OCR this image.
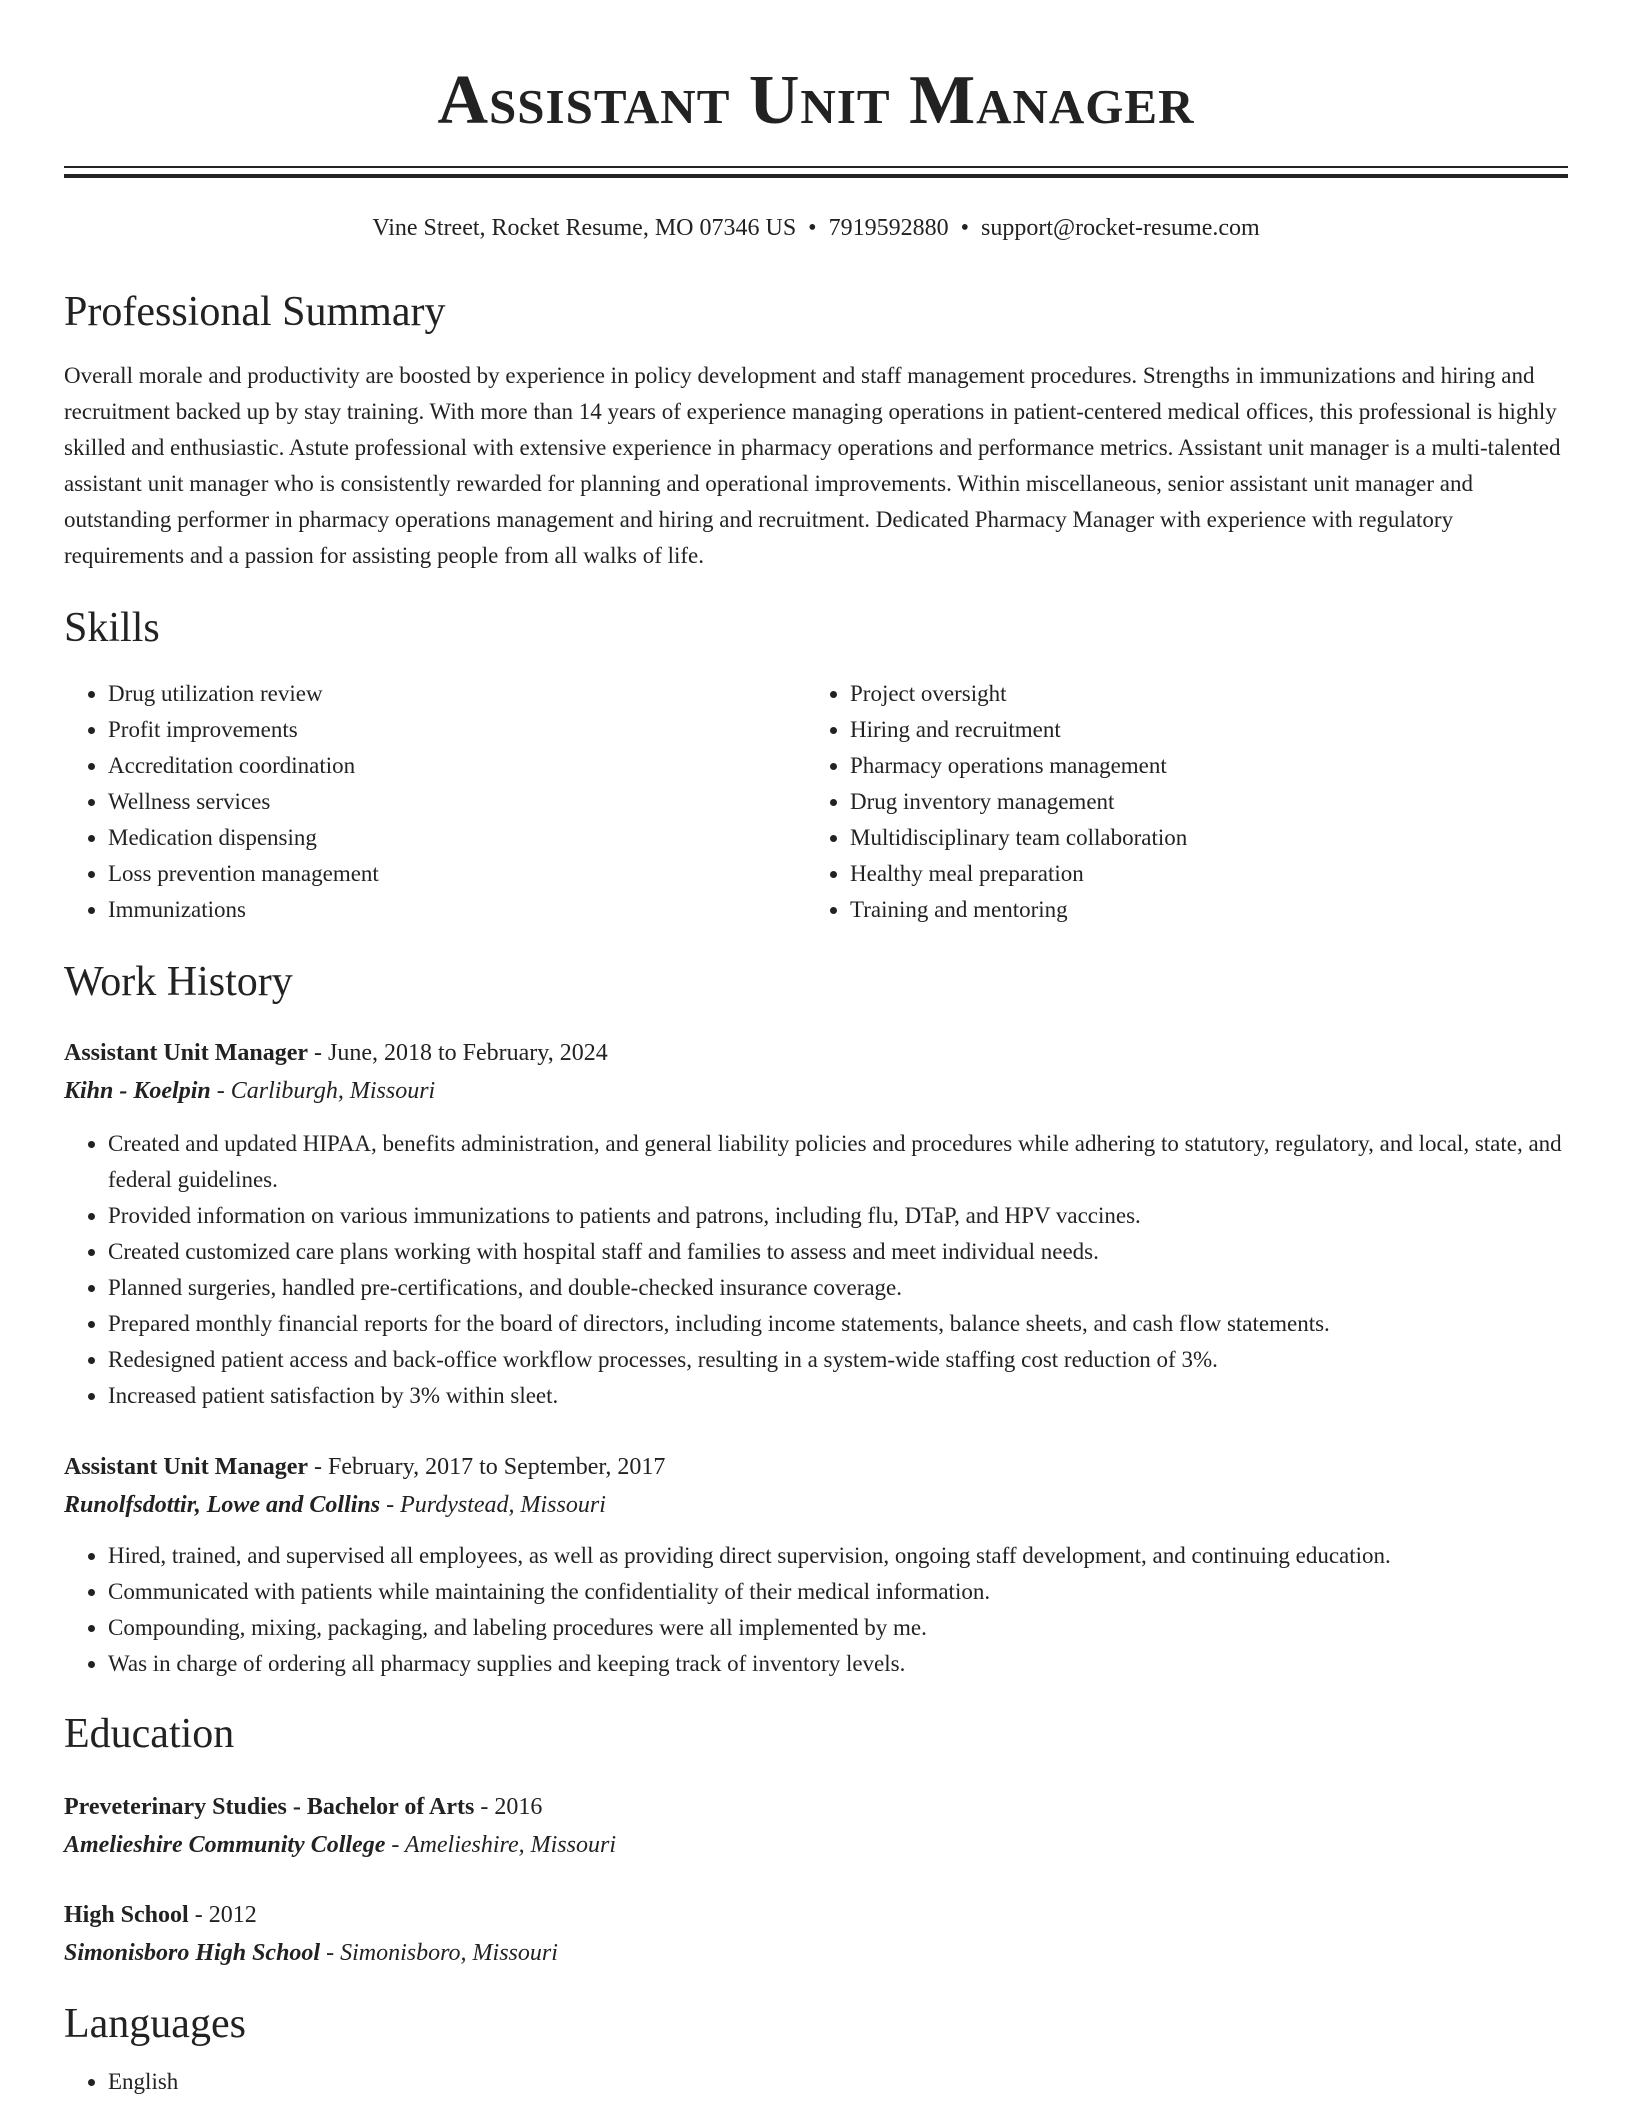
Assistant Unit Manager
Vine Street, Rocket Resume, MO 07346 US • 7919592880 • support@rocket-resume.com
Professional Summary

Overall morale and productivity are boosted by experience in policy development and staff management procedures. Strengths in immunizations and hiring and recruitment backed up by stay training. With more than 14 years of experience managing operations in patient-centered medical offices, this professional is highly skilled and enthusiastic. Astute professional with extensive experience in pharmacy operations and performance metrics. Assistant unit manager is a multi-talented assistant unit manager who is consistently rewarded for planning and operational improvements. Within miscellaneous, senior assistant unit manager and outstanding performer in pharmacy operations management and hiring and recruitment. Dedicated Pharmacy Manager with experience with regulatory requirements and a passion for assisting people from all walks of life.

Skills
• Drug utilization review
• Profit improvements
• Accreditation coordination
• Wellness services
• Medication dispensing
• Loss prevention management
• Immunizations
• Project oversight
• Hiring and recruitment
• Pharmacy operations management
• Drug inventory management
• Multidisciplinary team collaboration
• Healthy meal preparation
• Training and mentoring
Work History
Assistant Unit Manager - June, 2018 to February, 2024
Kihn - Koelpin - Carliburgh, Missouri
• Created and updated HIPAA, benefits administration, and general liability policies and procedures while adhering to statutory, regulatory, and local, state, and federal guidelines.
• Provided information on various immunizations to patients and patrons, including flu, DTaP, and HPV vaccines.
• Created customized care plans working with hospital staff and families to assess and meet individual needs.
• Planned surgeries, handled pre-certifications, and double-checked insurance coverage.
• Prepared monthly financial reports for the board of directors, including income statements, balance sheets, and cash flow statements.
• Redesigned patient access and back-office workflow processes, resulting in a system-wide staffing cost reduction of 3%.
• Increased patient satisfaction by 3% within sleet.
Assistant Unit Manager - February, 2017 to September, 2017
Runolfsdottir, Lowe and Collins - Purdystead, Missouri
• Hired, trained, and supervised all employees, as well as providing direct supervision, ongoing staff development, and continuing education.
• Communicated with patients while maintaining the confidentiality of their medical information.
• Compounding, mixing, packaging, and labeling procedures were all implemented by me.
• Was in charge of ordering all pharmacy supplies and keeping track of inventory levels.
Education
Preveterinary Studies - Bachelor of Arts - 2016
Amelieshire Community College - Amelieshire, Missouri
High School - 2012
Simonisboro High School - Simonisboro, Missouri
Languages
• English
